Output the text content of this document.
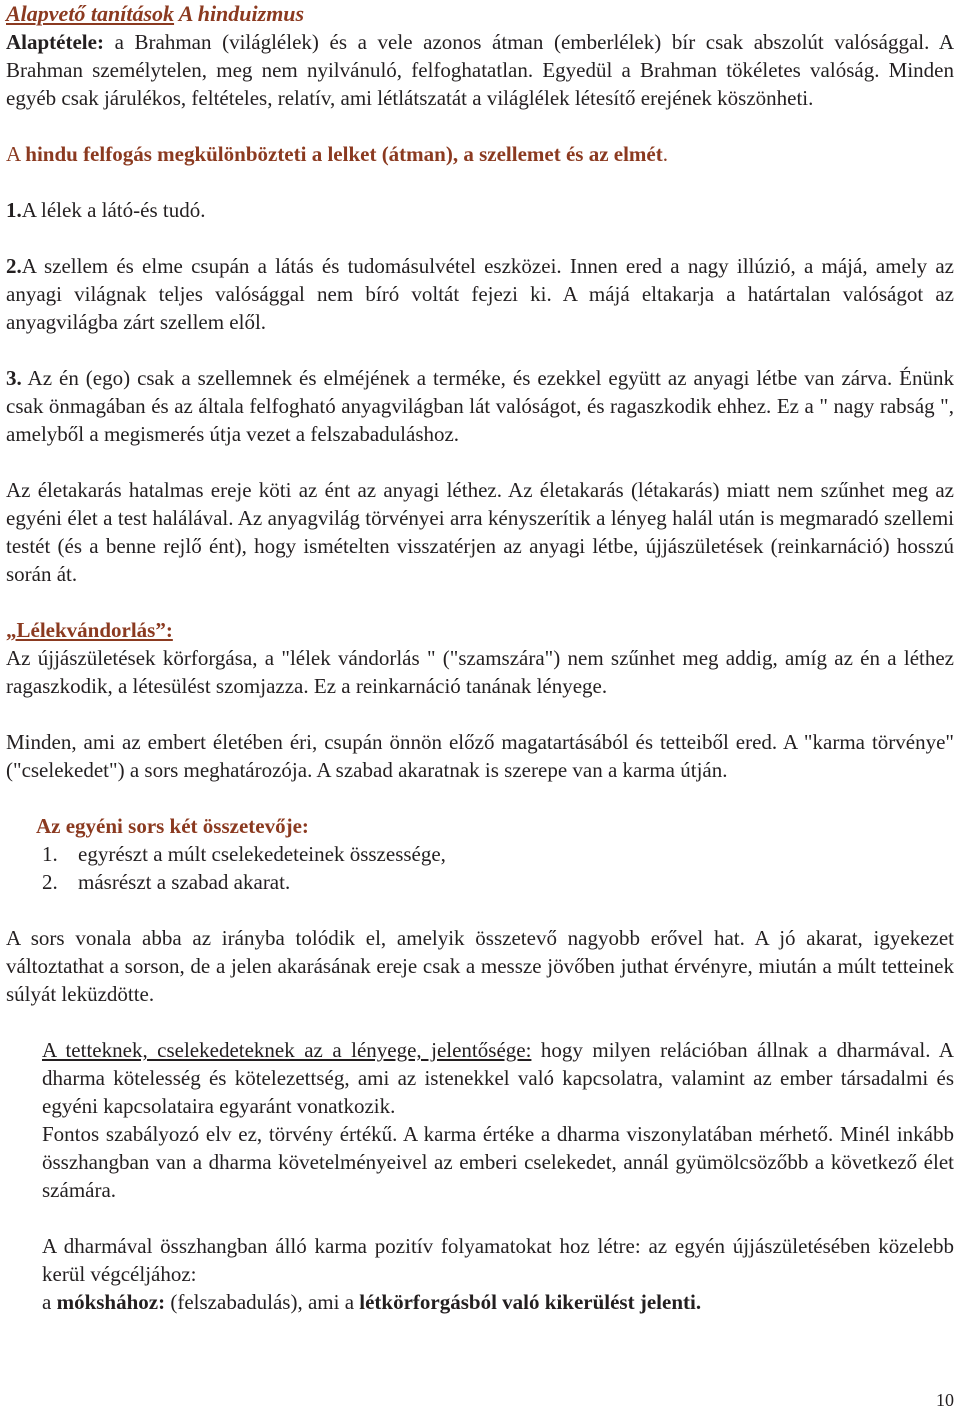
Alapvető tanítások A hinduizmus

Alaptétele: a Brahman (világlélek) és a vele azonos átman (emberlélek) bír csak abszolút valósággal. A Brahman személytelen, meg nem nyilvánuló, felfoghatatlan. Egyedül a Brahman tökéletes valóság. Minden egyéb csak járulékos, feltételes, relatív, ami létlátszatát a világlélek létesítő erejének köszönheti.

A hindu felfogás megkülönbözteti a lelket (átman), a szellemet és az elmét.

1.A lélek a látó-és tudó.

2.A szellem és elme csupán a látás és tudomásulvétel eszközei. Innen ered a nagy illúzió, a májá, amely az anyagi világnak teljes valósággal nem bíró voltát fejezi ki. A májá eltakarja a határtalan valóságot az anyagvilágba zárt szellem elől.

3. Az én (ego) csak a szellemnek és elméjének a terméke, és ezekkel együtt az anyagi létbe van zárva. Énünk csak önmagában és az általa felfogható anyagvilágban lát valóságot, és ragaszkodik ehhez. Ez a " nagy rabság ", amelyből a megismerés útja vezet a felszabaduláshoz.

Az életakarás hatalmas ereje köti az ént az anyagi léthez. Az életakarás (létakarás) miatt nem szűnhet meg az egyéni élet a test halálával. Az anyagvilág törvényei arra kényszerítik a lényeg halál után is megmaradó szellemi testét (és a benne rejlő ént), hogy ismételten visszatérjen az anyagi létbe, újjászületések (reinkarnáció) hosszú során át.

„Lélekvándorlás”:

Az újjászületések körforgása, a "lélek vándorlás " ("szamszára") nem szűnhet meg addig, amíg az én a léthez ragaszkodik, a létesülést szomjazza. Ez a reinkarnáció tanának lényege.

Minden, ami az embert életében éri, csupán önnön előző magatartásából és tetteiből ered. A "karma törvénye" ("cselekedet") a sors meghatározója. A szabad akaratnak is szerepe van a karma útján.

Az egyéni sors két összetevője:

1. egyrészt a múlt cselekedeteinek összessége,
2. másrészt a szabad akarat.

A sors vonala abba az irányba tolódik el, amelyik összetevő nagyobb erővel hat. A jó akarat, igyekezet változtathat a sorson, de a jelen akarásának ereje csak a messze jövőben juthat érvényre, miután a múlt tetteinek súlyát leküzdötte.

A tetteknek, cselekedeteknek az a lényege, jelentősége: hogy milyen relációban állnak a dharmával. A dharma kötelesség és kötelezettség, ami az istenekkel való kapcsolatra, valamint az ember társadalmi és egyéni kapcsolataira egyaránt vonatkozik.

Fontos szabályozó elv ez, törvény értékű. A karma értéke a dharma viszonylatában mérhető. Minél inkább összhangban van a dharma követelményeivel az emberi cselekedet, annál gyümölcsözőbb a következő élet számára.

A dharmával összhangban álló karma pozitív folyamatokat hoz létre: az egyén újjászületésében közelebb kerül végcéljához:

a mókshához: (felszabadulás), ami a létkörforgásból való kikerülést jelenti.

10
